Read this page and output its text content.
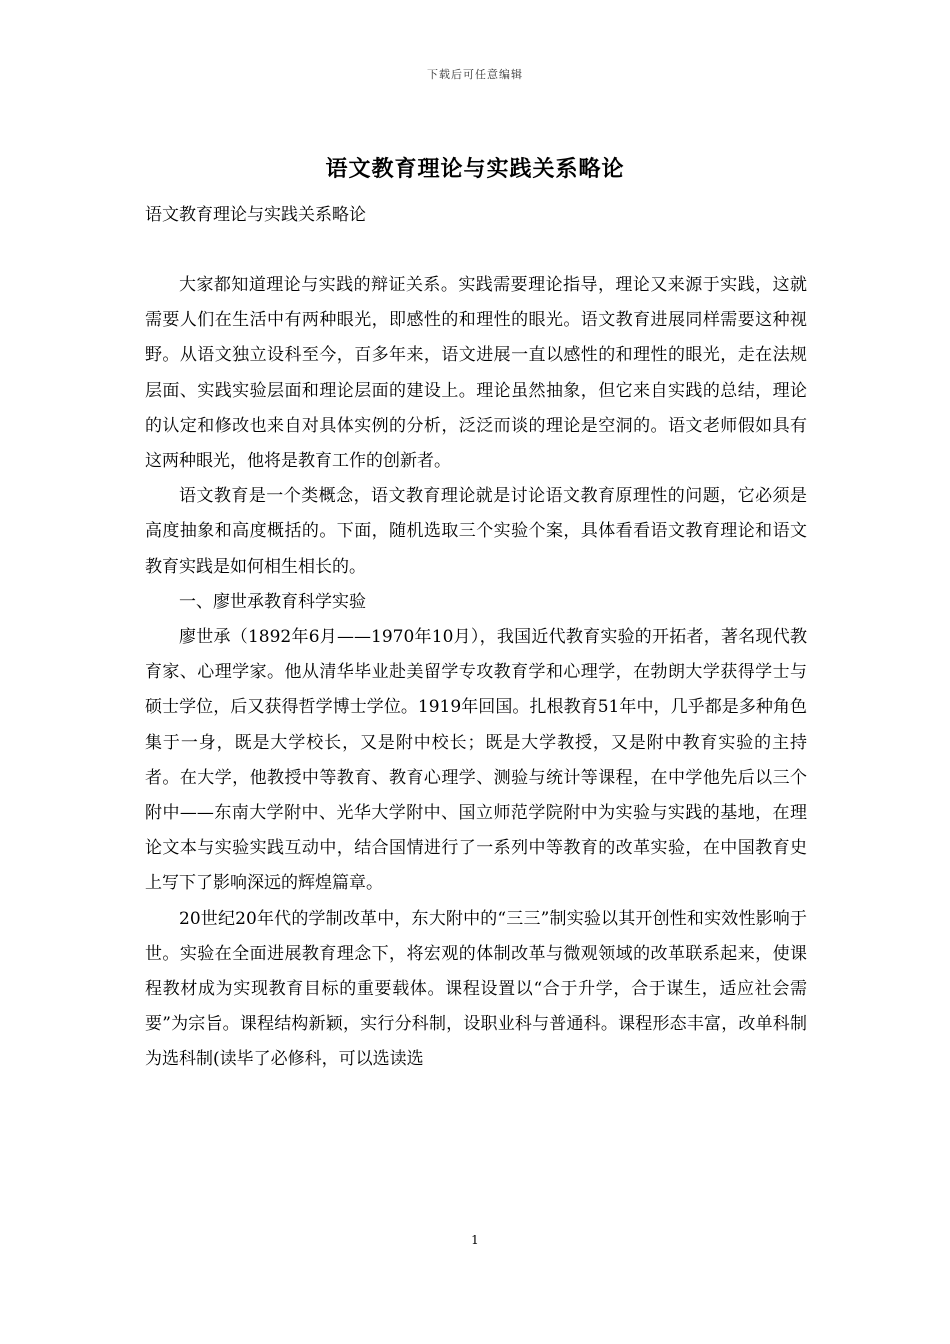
下载后可任意编辑
语文教育理论与实践关系略论
语文教育理论与实践关系略论

大家都知道理论与实践的辩证关系。实践需要理论指导，理论又来源于实践，这就需要人们在生活中有两种眼光，即感性的和理性的眼光。语文教育进展同样需要这种视野。从语文独立设科至今，百多年来，语文进展一直以感性的和理性的眼光，走在法规层面、实践实验层面和理论层面的建设上。理论虽然抽象，但它来自实践的总结，理论的认定和修改也来自对具体实例的分析，泛泛而谈的理论是空洞的。语文老师假如具有这两种眼光，他将是教育工作的创新者。

语文教育是一个类概念，语文教育理论就是讨论语文教育原理性的问题，它必须是高度抽象和高度概括的。下面，随机选取三个实验个案，具体看看语文教育理论和语文教育实践是如何相生相长的。

一、廖世承教育科学实验

廖世承（1892年6月——1970年10月），我国近代教育实验的开拓者，著名现代教育家、心理学家。他从清华毕业赴美留学专攻教育学和心理学，在勃朗大学获得学士与硕士学位，后又获得哲学博士学位。1919年回国。扎根教育51年中，几乎都是多种角色集于一身，既是大学校长，又是附中校长；既是大学教授，又是附中教育实验的主持者。在大学，他教授中等教育、教育心理学、测验与统计等课程，在中学他先后以三个附中——东南大学附中、光华大学附中、国立师范学院附中为实验与实践的基地，在理论文本与实验实践互动中，结合国情进行了一系列中等教育的改革实验，在中国教育史上写下了影响深远的辉煌篇章。

20世纪20年代的学制改革中，东大附中的“三三”制实验以其开创性和实效性影响于世。实验在全面进展教育理念下，将宏观的体制改革与微观领域的改革联系起来，使课程教材成为实现教育目标的重要载体。课程设置以“合于升学，合于谋生，适应社会需要”为宗旨。课程结构新颖，实行分科制，设职业科与普通科。课程形态丰富，改单科制为选科制(读毕了必修科，可以选读选

1
